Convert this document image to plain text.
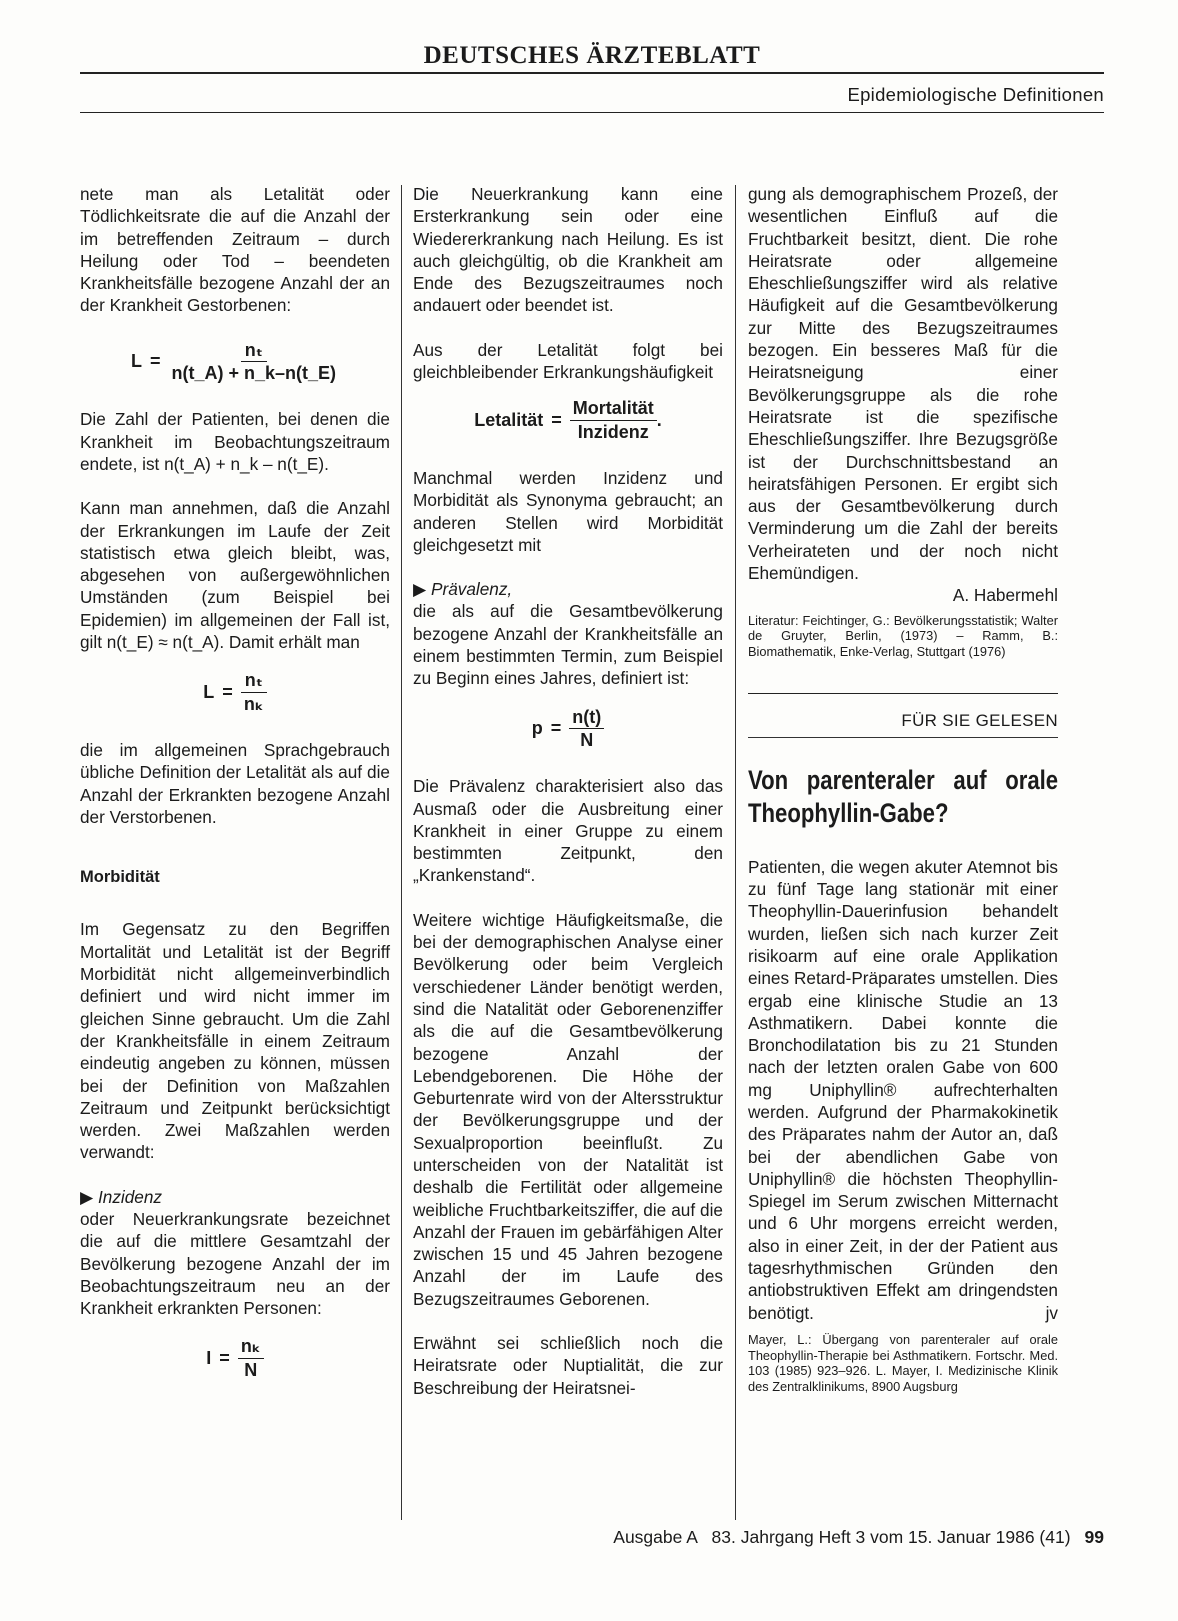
DEUTSCHES ÄRZTEBLATT
Epidemiologische Definitionen

nete man als Letalität oder Tödlichkeitsrate die auf die Anzahl der im betreffenden Zeitraum – durch Heilung oder Tod – beendeten Krankheitsfälle bezogene Anzahl der an der Krankheit Gestorbenen:

$L = \frac{\text{nₜ}}{n(t\_A) + n\_k-n(t\_E)}$

Die Zahl der Patienten, bei denen die Krankheit im Beobachtungszeitraum endete, ist n(t_A) + n_k – n(t_E).

Kann man annehmen, daß die Anzahl der Erkrankungen im Laufe der Zeit statistisch etwa gleich bleibt, was, abgesehen von außergewöhnlichen Umständen (zum Beispiel bei Epidemien) im allgemeinen der Fall ist, gilt n(t_E) ≈ n(t_A). Damit erhält man

$L = \frac{\text{nₜ}}{\text{nₖ}}$

die im allgemeinen Sprachgebrauch übliche Definition der Letalität als auf die Anzahl der Erkrankten bezogene Anzahl der Verstorbenen.

Morbidität

Im Gegensatz zu den Begriffen Mortalität und Letalität ist der Begriff Morbidität nicht allgemeinverbindlich definiert und wird nicht immer im gleichen Sinne gebraucht. Um die Zahl der Krankheitsfälle in einem Zeitraum eindeutig angeben zu können, müssen bei der Definition von Maßzahlen Zeitraum und Zeitpunkt berücksichtigt werden. Zwei Maßzahlen werden verwandt:

▶ Inzidenz

oder Neuerkrankungsrate bezeichnet die auf die mittlere Gesamtzahl der Bevölkerung bezogene Anzahl der im Beobachtungszeitraum neu an der Krankheit erkrankten Personen:

$I = \frac{\text{nₖ}}{N}$

Die Neuerkrankung kann eine Ersterkrankung sein oder eine Wiedererkrankung nach Heilung. Es ist auch gleichgültig, ob die Krankheit am Ende des Bezugszeitraumes noch andauert oder beendet ist.

Aus der Letalität folgt bei gleichbleibender Erkrankungshäufigkeit

Letalität = $\frac{\text{Mortalität}}{\text{Inzidenz}}$ .

Manchmal werden Inzidenz und Morbidität als Synonyma gebraucht; an anderen Stellen wird Morbidität gleichgesetzt mit

▶ Prävalenz,

die als auf die Gesamtbevölkerung bezogene Anzahl der Krankheitsfälle an einem bestimmten Termin, zum Beispiel zu Beginn eines Jahres, definiert ist:

$p = \frac{n(t)}{N}$

Die Prävalenz charakterisiert also das Ausmaß oder die Ausbreitung einer Krankheit in einer Gruppe zu einem bestimmten Zeitpunkt, den „Krankenstand“.

Weitere wichtige Häufigkeitsmaße, die bei der demographischen Analyse einer Bevölkerung oder beim Vergleich verschiedener Länder benötigt werden, sind die Natalität oder Geborenenziffer als die auf die Gesamtbevölkerung bezogene Anzahl der Lebendgeborenen. Die Höhe der Geburtenrate wird von der Altersstruktur der Bevölkerungsgruppe und der Sexualproportion beeinflußt. Zu unterscheiden von der Natalität ist deshalb die Fertilität oder allgemeine weibliche Fruchtbarkeitsziffer, die auf die Anzahl der Frauen im gebärfähigen Alter zwischen 15 und 45 Jahren bezogene Anzahl der im Laufe des Bezugszeitraumes Geborenen.

Erwähnt sei schließlich noch die Heiratsrate oder Nuptialität, die zur Beschreibung der Heiratsnei-

gung als demographischem Prozeß, der wesentlichen Einfluß auf die Fruchtbarkeit besitzt, dient. Die rohe Heiratsrate oder allgemeine Eheschließungsziffer wird als relative Häufigkeit auf die Gesamtbevölkerung zur Mitte des Bezugszeitraumes bezogen. Ein besseres Maß für die Heiratsneigung einer Bevölkerungsgruppe als die rohe Heiratsrate ist die spezifische Eheschließungsziffer. Ihre Bezugsgröße ist der Durchschnittsbestand an heiratsfähigen Personen. Er ergibt sich aus der Gesamtbevölkerung durch Verminderung um die Zahl der bereits Verheirateten und der noch nicht Ehemündigen.

A. Habermehl
Literatur: Feichtinger, G.: Bevölkerungsstatistik; Walter de Gruyter, Berlin, (1973) – Ramm, B.: Biomathematik, Enke-Verlag, Stuttgart (1976)
FÜR SIE GELESEN
Von parenteraler auf orale Theophyllin-Gabe?
Patienten, die wegen akuter Atemnot bis zu fünf Tage lang stationär mit einer Theophyllin-Dauerinfusion behandelt wurden, ließen sich nach kurzer Zeit risikoarm auf eine orale Applikation eines Retard-Präparates umstellen. Dies ergab eine klinische Studie an 13 Asthmatikern. Dabei konnte die Bronchodilatation bis zu 21 Stunden nach der letzten oralen Gabe von 600 mg Uniphyllin® aufrechterhalten werden. Aufgrund der Pharmakokinetik des Präparates nahm der Autor an, daß bei der abendlichen Gabe von Uniphyllin® die höchsten Theophyllin-Spiegel im Serum zwischen Mitternacht und 6 Uhr morgens erreicht werden, also in einer Zeit, in der der Patient aus tagesrhythmischen Gründen den antiobstruktiven Effekt am dringendsten benötigt.	jv
Mayer, L.: Übergang von parenteraler auf orale Theophyllin-Therapie bei Asthmatikern. Fortschr. Med. 103 (1985) 923–926. L. Mayer, I. Medizinische Klinik des Zentralklinikums, 8900 Augsburg
Ausgabe A   83. Jahrgang Heft 3 vom 15. Januar 1986 (41) 99
